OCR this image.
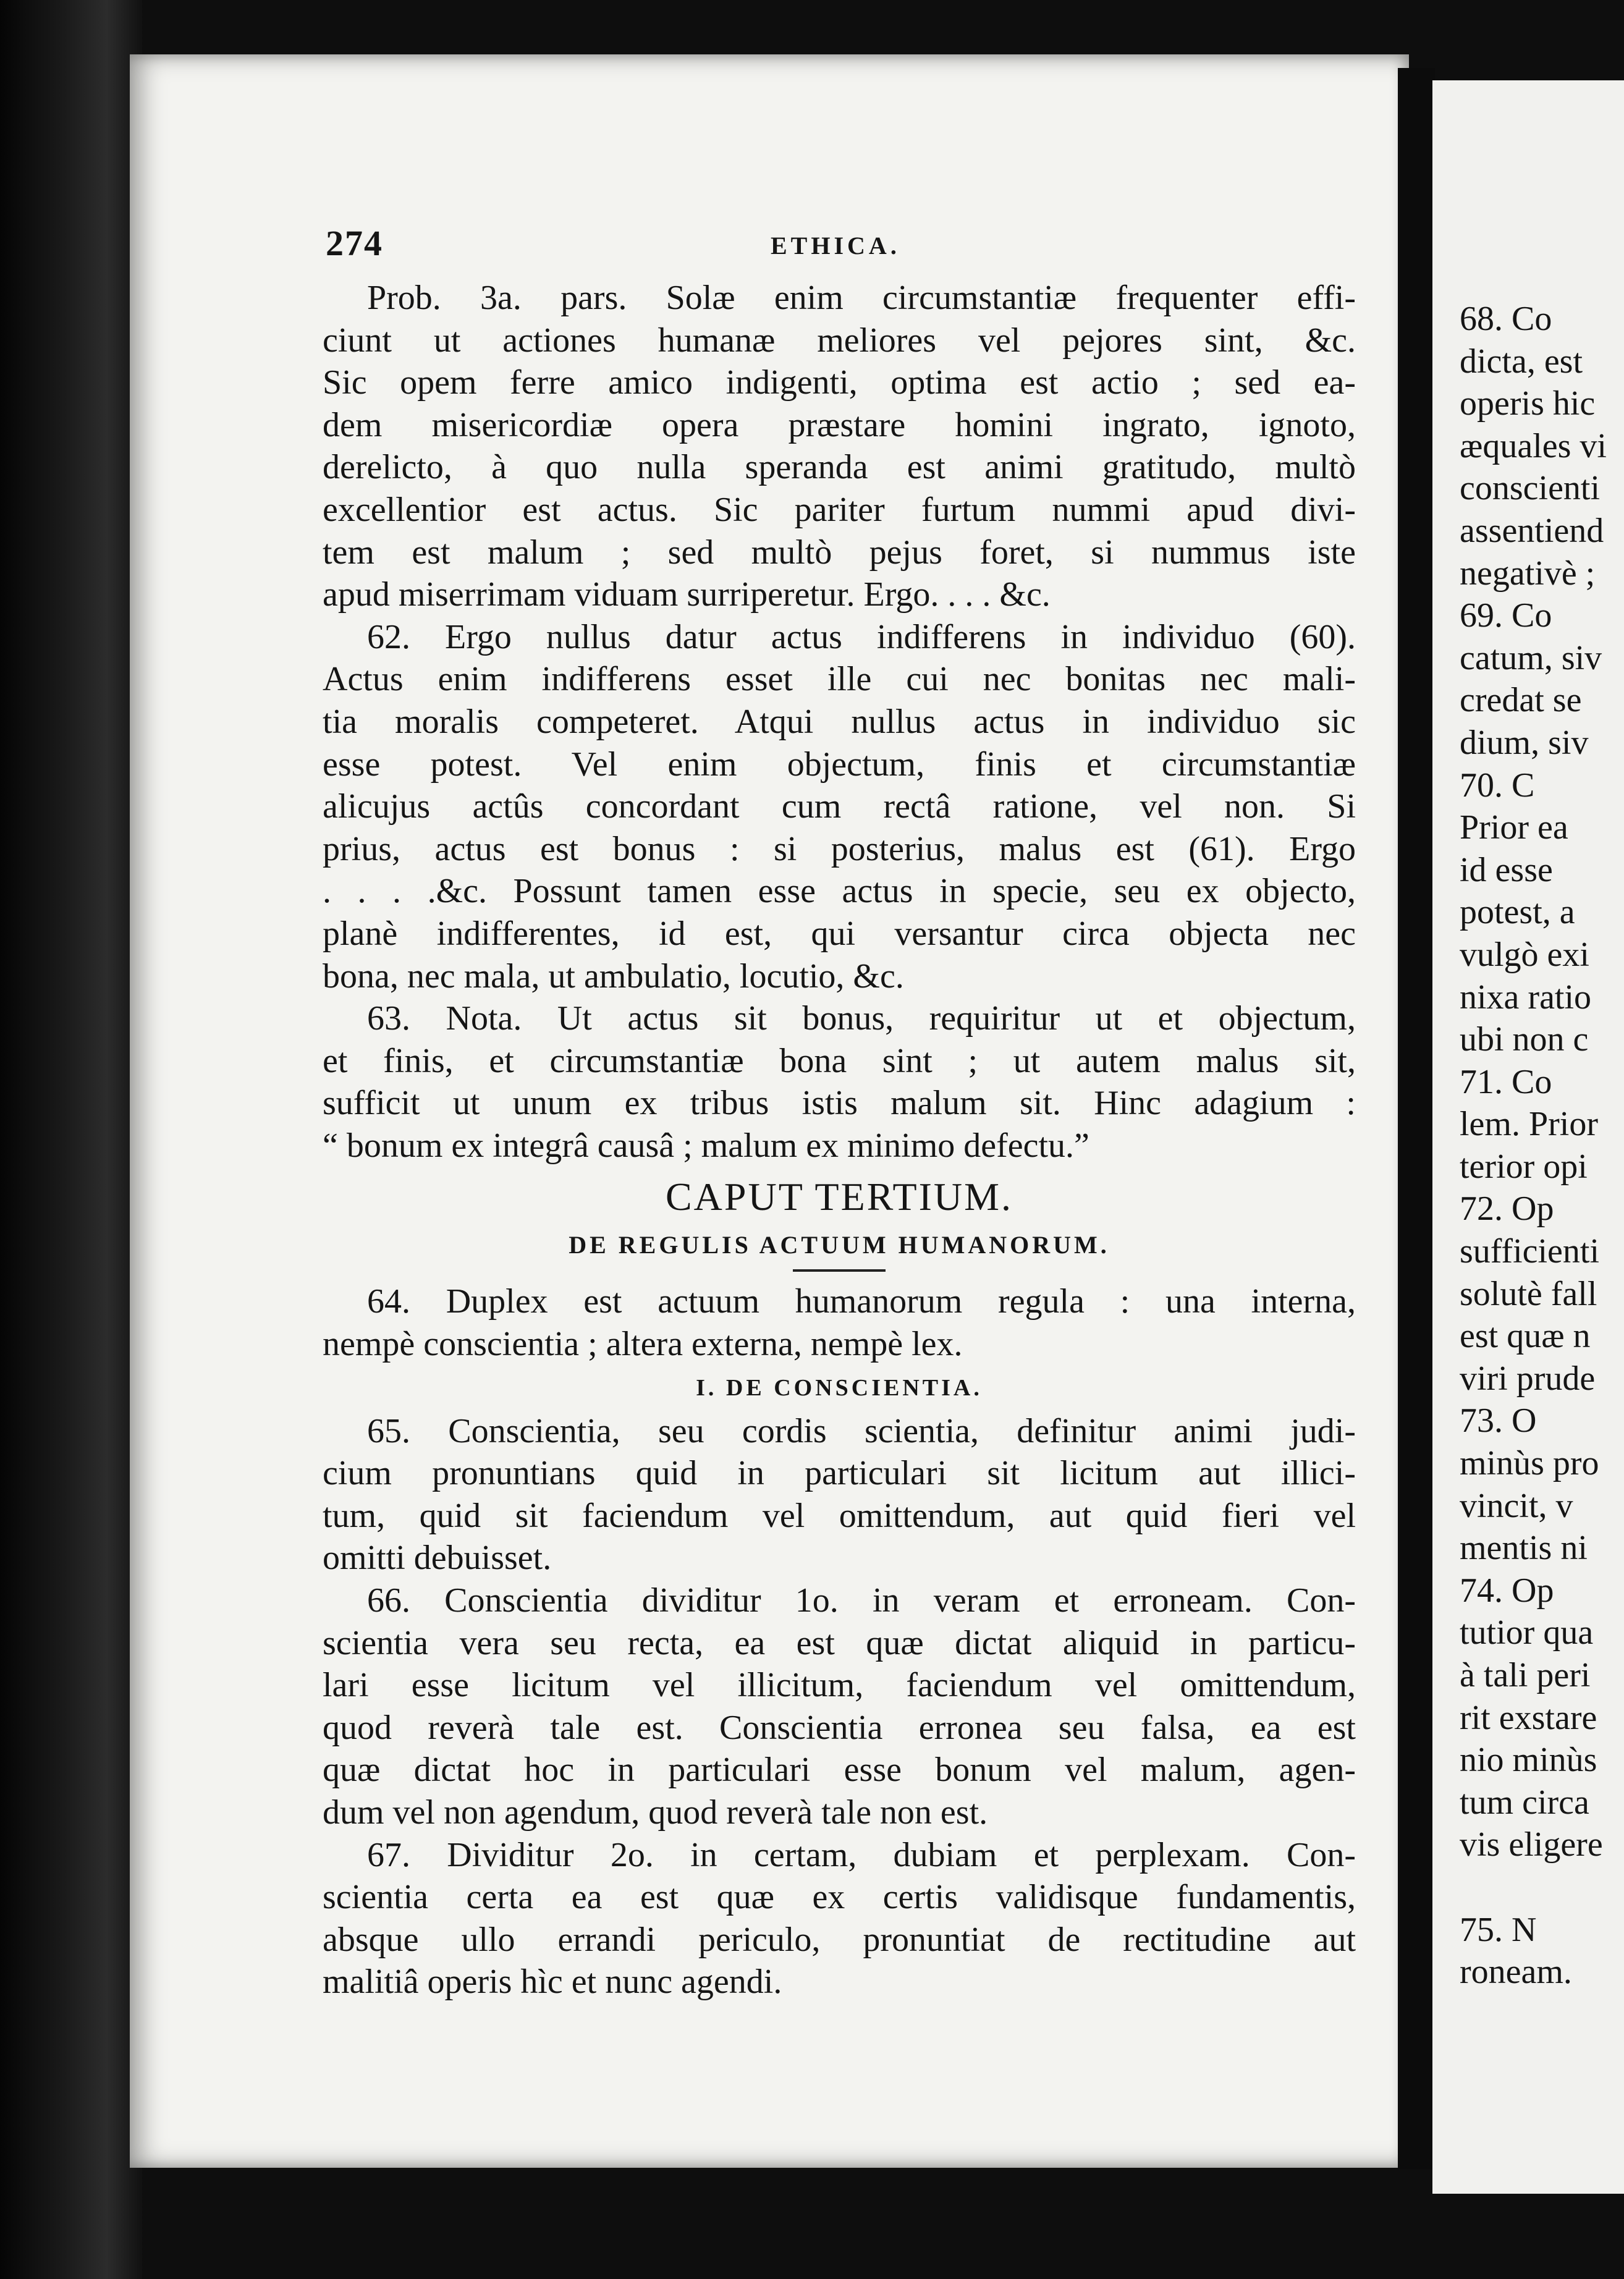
68. Co
dicta, est
operis hic
æquales vi
conscienti
assentiend
negativè ;
69. Co
catum, siv
credat se
dium, siv
70. C
Prior ea
id esse
potest, a
vulgò exi
nixa ratio
ubi non c
71. Co
lem. Prior
terior opi
72. Op
sufficienti
solutè fall
est quæ n
viri prude
73. O
minùs pro
vincit, v
mentis ni
74. Op
tutior qua
à tali peri
rit exstare
nio minùs
tum circa
vis eligere
75. N
roneam.
274	ETHICA.
Prob. 3a. pars. Solæ enim circumstantiæ frequenter effi-
ciunt ut actiones humanæ meliores vel pejores sint, &c.
Sic opem ferre amico indigenti, optima est actio ; sed ea-
dem misericordiæ opera præstare homini ingrato, ignoto,
derelicto, à quo nulla speranda est animi gratitudo, multò
excellentior est actus. Sic pariter furtum nummi apud divi-
tem est malum ; sed multò pejus foret, si nummus iste
apud miserrimam viduam surriperetur. Ergo. . . . &c.
62. Ergo nullus datur actus indifferens in individuo (60).
Actus enim indifferens esset ille cui nec bonitas nec mali-
tia moralis competeret. Atqui nullus actus in individuo sic
esse potest. Vel enim objectum, finis et circumstantiæ
alicujus actûs concordant cum rectâ ratione, vel non. Si
prius, actus est bonus : si posterius, malus est (61). Ergo
. . . .&c. Possunt tamen esse actus in specie, seu ex objecto,
planè indifferentes, id est, qui versantur circa objecta nec
bona, nec mala, ut ambulatio, locutio, &c.
63. Nota. Ut actus sit bonus, requiritur ut et objectum,
et finis, et circumstantiæ bona sint ; ut autem malus sit,
sufficit ut unum ex tribus istis malum sit. Hinc adagium :
“ bonum ex integrâ causâ ; malum ex minimo defectu.”
CAPUT TERTIUM.
DE REGULIS ACTUUM HUMANORUM.
64. Duplex est actuum humanorum regula : una interna,
nempè conscientia ; altera externa, nempè lex.
I. DE CONSCIENTIA.
65. Conscientia, seu cordis scientia, definitur animi judi-
cium pronuntians quid in particulari sit licitum aut illici-
tum, quid sit faciendum vel omittendum, aut quid fieri vel
omitti debuisset.
66. Conscientia dividitur 1o. in veram et erroneam. Con-
scientia vera seu recta, ea est quæ dictat aliquid in particu-
lari esse licitum vel illicitum, faciendum vel omittendum,
quod reverà tale est. Conscientia erronea seu falsa, ea est
quæ dictat hoc in particulari esse bonum vel malum, agen-
dum vel non agendum, quod reverà tale non est.
67. Dividitur 2o. in certam, dubiam et perplexam. Con-
scientia certa ea est quæ ex certis validisque fundamentis,
absque ullo errandi periculo, pronuntiat de rectitudine aut
malitiâ operis hìc et nunc agendi.
